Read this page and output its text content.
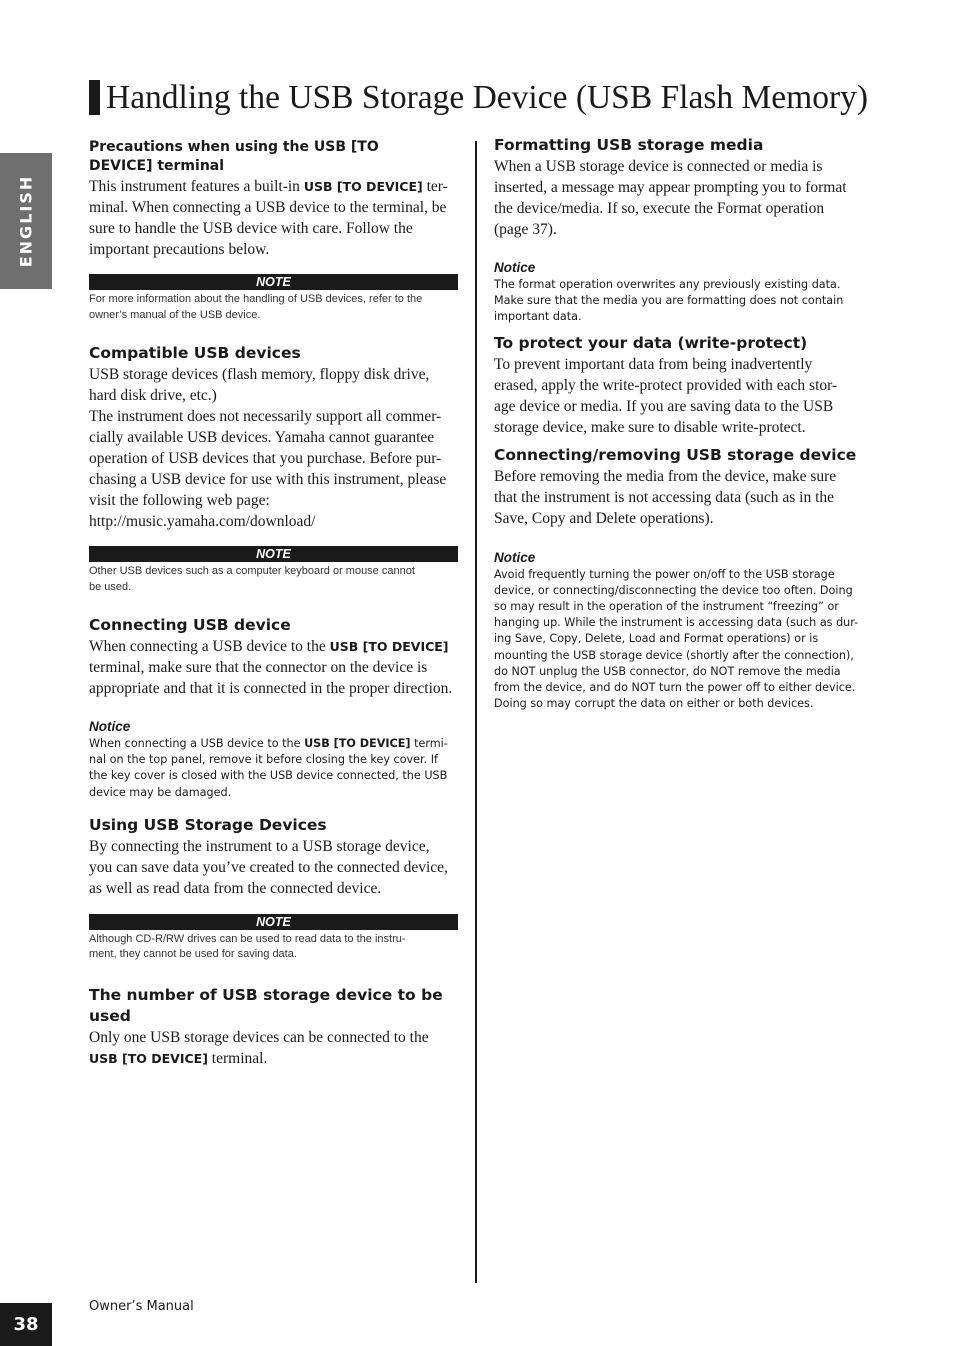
Handling the USB Storage Device (USB Flash Memory)
ENGLISH

Precautions when using the USB [TO DEVICE] terminal

This instrument features a built-in USB [TO DEVICE] ter-

minal. When connecting a USB device to the terminal, be

sure to handle the USB device with care. Follow the

important precautions below.

NOTE

For more information about the handling of USB devices, refer to the
owner’s manual of the USB device.

Compatible USB devices

USB storage devices (flash memory, floppy disk drive,

hard disk drive, etc.)

The instrument does not necessarily support all commer-

cially available USB devices. Yamaha cannot guarantee

operation of USB devices that you purchase. Before pur-

chasing a USB device for use with this instrument, please

visit the following web page:

http://music.yamaha.com/download/

NOTE

Other USB devices such as a computer keyboard or mouse cannot
be used.

Connecting USB device

When connecting a USB device to the USB [TO DEVICE]

terminal, make sure that the connector on the device is

appropriate and that it is connected in the proper direction.

Notice

When connecting a USB device to the USB [TO DEVICE] termi-
nal on the top panel, remove it before closing the key cover. If
the key cover is closed with the USB device connected, the USB
device may be damaged.

Using USB Storage Devices

By connecting the instrument to a USB storage device,

you can save data you’ve created to the connected device,

as well as read data from the connected device.

NOTE

Although CD-R/RW drives can be used to read data to the instru-
ment, they cannot be used for saving data.

The number of USB storage device to be
used

Only one USB storage devices can be connected to the

USB [TO DEVICE] terminal.

Formatting USB storage media

When a USB storage device is connected or media is

inserted, a message may appear prompting you to format

the device/media. If so, execute the Format operation

(page 37).

Notice

The format operation overwrites any previously existing data.
Make sure that the media you are formatting does not contain
important data.

To protect your data (write-protect)

To prevent important data from being inadvertently

erased, apply the write-protect provided with each stor-

age device or media. If you are saving data to the USB

storage device, make sure to disable write-protect.

Connecting/removing USB storage device

Before removing the media from the device, make sure

that the instrument is not accessing data (such as in the

Save, Copy and Delete operations).

Notice

Avoid frequently turning the power on/off to the USB storage
device, or connecting/disconnecting the device too often. Doing
so may result in the operation of the instrument “freezing” or
hanging up. While the instrument is accessing data (such as dur-
ing Save, Copy, Delete, Load and Format operations) or is
mounting the USB storage device (shortly after the connection),
do NOT unplug the USB connector, do NOT remove the media
from the device, and do NOT turn the power off to either device.
Doing so may corrupt the data on either or both devices.

38
Owner’s Manual
